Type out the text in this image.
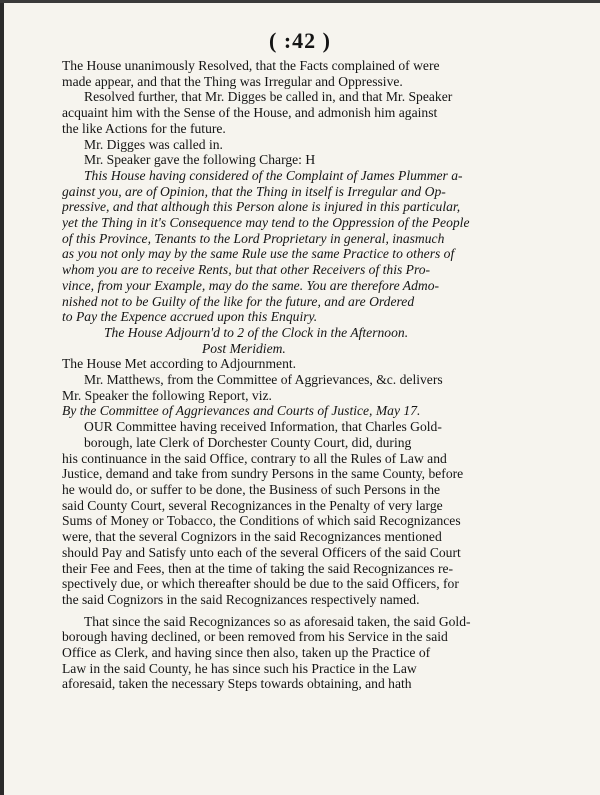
( :42 )
The House unanimously Resolved, that the Facts complained of were
made appear, and that the Thing was Irregular and Oppressive.
Resolved further, that Mr. Digges be called in, and that Mr. Speaker
acquaint him with the Sense of the House, and admonish him against
the like Actions for the future.
Mr. Digges was called in.
Mr. Speaker gave the following Charge: H
This House having considered of the Complaint of James Plummer a-
gainst you, are of Opinion, that the Thing in itself is Irregular and Op-
pressive, and that although this Person alone is injured in this particular,
yet the Thing in it's Consequence may tend to the Oppression of the People
of this Province, Tenants to the Lord Proprietary in general, inasmuch
as you not only may by the same Rule use the same Practice to others of
whom you are to receive Rents, but that other Receivers of this Pro-
vince, from your Example, may do the same. You are therefore Admo-
nished not to be Guilty of the like for the future, and are Ordered
to Pay the Expence accrued upon this Enquiry.
The House Adjourn'd to 2 of the Clock in the Afternoon.
Post Meridiem.
The House Met according to Adjournment.
Mr. Matthews, from the Committee of Aggrievances, &c. delivers
Mr. Speaker the following Report, viz.
By the Committee of Aggrievances and Courts of Justice, May 17.
OUR Committee having received Information, that Charles Gold-
borough, late Clerk of Dorchester County Court, did, during
his continuance in the said Office, contrary to all the Rules of Law and
Justice, demand and take from sundry Persons in the same County, before
he would do, or suffer to be done, the Business of such Persons in the
said County Court, several Recognizances in the Penalty of very large
Sums of Money or Tobacco, the Conditions of which said Recognizances
were, that the several Cognizors in the said Recognizances mentioned
should Pay and Satisfy unto each of the several Officers of the said Court
their Fee and Fees, then at the time of taking the said Recognizances re-
spectively due, or which thereafter should be due to the said Officers, for
the said Cognizors in the said Recognizances respectively named.
That since the said Recognizances so as aforesaid taken, the said Gold-
borough having declined, or been removed from his Service in the said
Office as Clerk, and having since then also, taken up the Practice of
Law in the said County, he has since such his Practice in the Law
aforesaid, taken the necessary Steps towards obtaining, and hath
